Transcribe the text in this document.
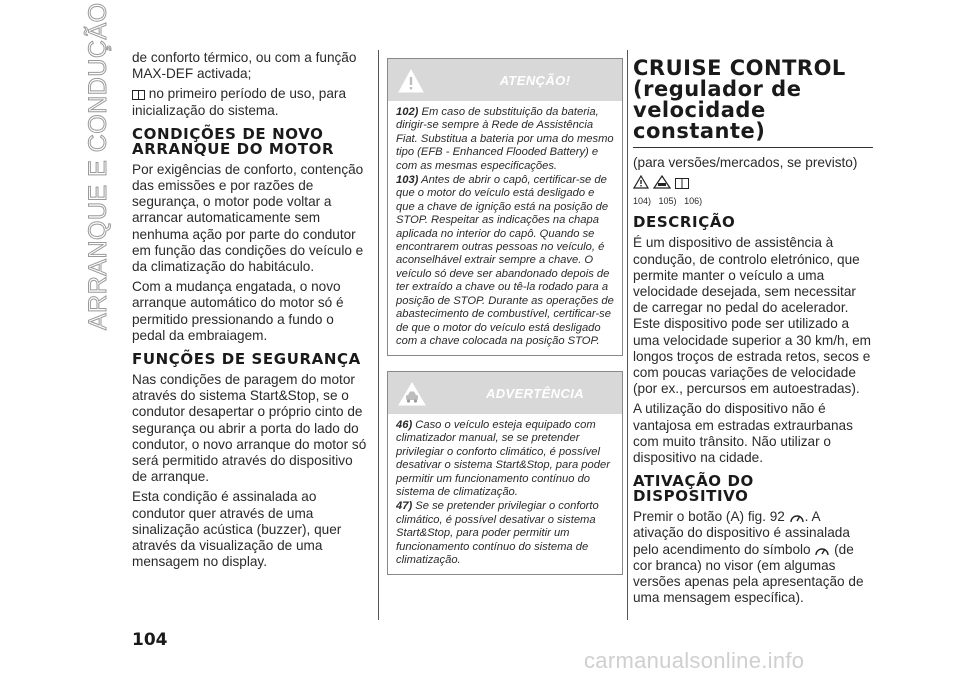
ARRANQUE E CONDUÇÃO de conforto térmico, ou com a função MAX-DEF activada;

no primeiro período de uso, para inicialização do sistema.

CONDIÇÕES DE NOVO ARRANQUE DO MOTOR

Por exigências de conforto, contenção das emissões e por razões de segurança, o motor pode voltar a arrancar automaticamente sem nenhuma ação por parte do condutor em função das condições do veículo e da climatização do habitáculo.

Com a mudança engatada, o novo arranque automático do motor só é permitido pressionando a fundo o pedal da embraiagem.

FUNÇÕES DE SEGURANÇA

Nas condições de paragem do motor através do sistema Start&Stop, se o condutor desapertar o próprio cinto de segurança ou abrir a porta do lado do condutor, o novo arranque do motor só será permitido através do dispositivo de arranque.

Esta condição é assinalada ao condutor quer através de uma sinalização acústica (buzzer), quer através da visualização de uma mensagem no display.

ATENÇÃO!

102) Em caso de substituição da bateria, dirigir-se sempre à Rede de Assistência Fiat. Substitua a bateria por uma do mesmo tipo (EFB - Enhanced Flooded Battery) e com as mesmas especificações.

103) Antes de abrir o capô, certificar-se de que o motor do veículo está desligado e que a chave de ignição está na posição de STOP. Respeitar as indicações na chapa aplicada no interior do capô. Quando se encontrarem outras pessoas no veículo, é aconselhável extrair sempre a chave. O veículo só deve ser abandonado depois de ter extraído a chave ou tê-la rodado para a posição de STOP. Durante as operações de abastecimento de combustível, certificar-se de que o motor do veículo está desligado com a chave colocada na posição STOP.

ADVERTÊNCIA

46) Caso o veículo esteja equipado com climatizador manual, se se pretender privilegiar o conforto climático, é possível desativar o sistema Start&Stop, para poder permitir um funcionamento contínuo do sistema de climatização.

47) Se se pretender privilegiar o conforto climático, é possível desativar o sistema Start&Stop, para poder permitir um funcionamento contínuo do sistema de climatização.

CRUISE CONTROL (regulador de velocidade constante)

(para versões/mercados, se previsto)

104) 105) 106)
DESCRIÇÃO

É um dispositivo de assistência à condução, de controlo eletrónico, que permite manter o veículo a uma velocidade desejada, sem necessitar de carregar no pedal do acelerador. Este dispositivo pode ser utilizado a uma velocidade superior a 30 km/h, em longos troços de estrada retos, secos e com poucas variações de velocidade (por ex., percursos em autoestradas).

A utilização do dispositivo não é vantajosa em estradas extraurbanas com muito trânsito. Não utilizar o dispositivo na cidade.

ATIVAÇÃO DO DISPOSITIVO

Premir o botão (A) fig. 92 . A ativação do dispositivo é assinalada pelo acendimento do símbolo (de cor branca) no visor (em algumas versões apenas pela apresentação de uma mensagem específica).

104
carmanualsonline.info
